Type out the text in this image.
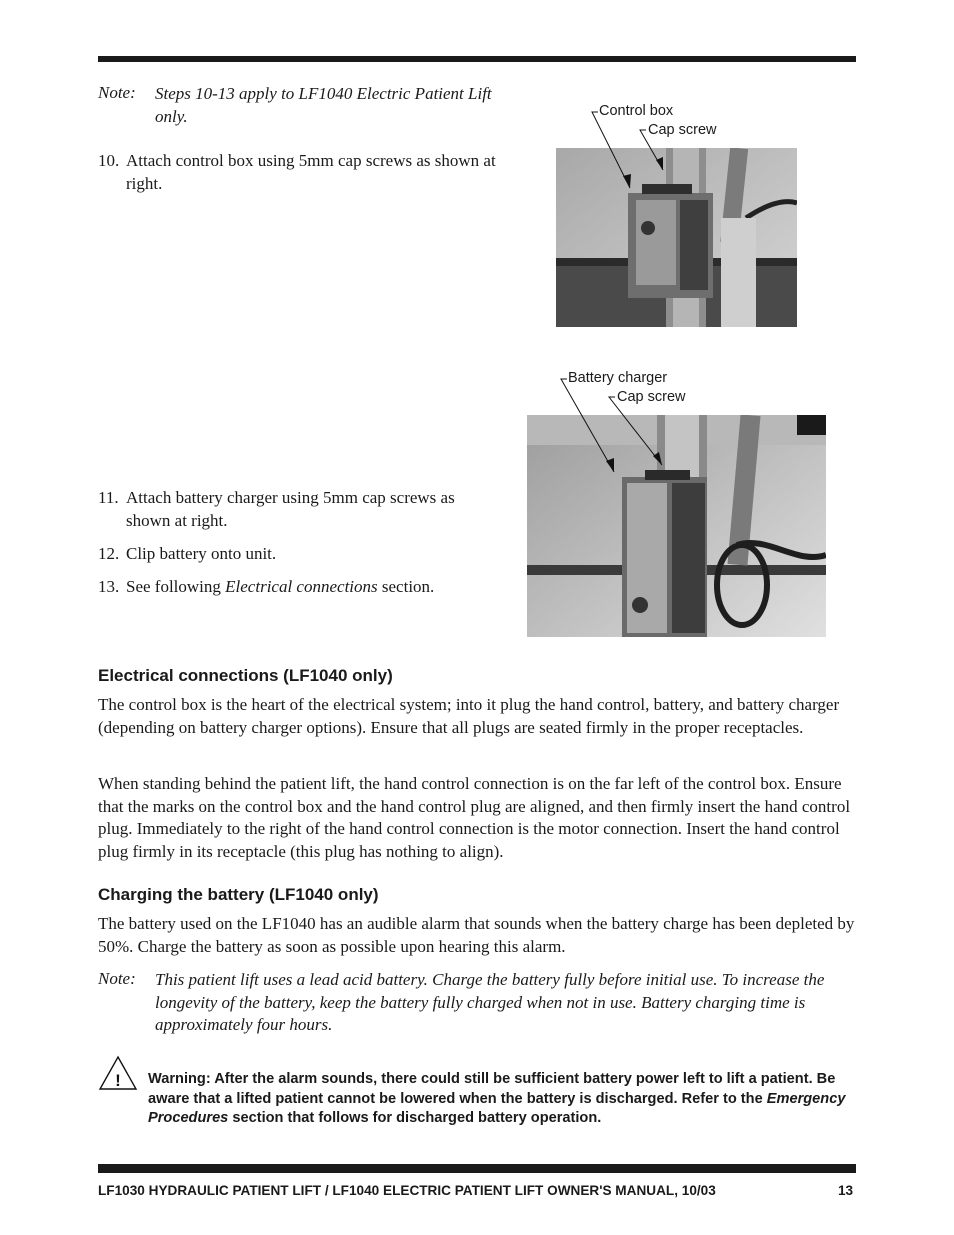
Note: Steps 10-13 apply to LF1040 Electric Patient Lift only.
10. Attach control box using 5mm cap screws as shown at right.
Control box
Cap screw
Battery charger
Cap screw
11. Attach battery charger using 5mm cap screws as shown at right.
12. Clip battery onto unit.
13. See following Electrical connections section.
Electrical connections (LF1040 only)
The control box is the heart of the electrical system; into it plug the hand control, battery, and battery charger (depending on battery charger options). Ensure that all plugs are seated firmly in the proper receptacles.
When standing behind the patient lift, the hand control connection is on the far left of the control box. Ensure that the marks on the control box and the hand control plug are aligned, and then firmly insert the hand control plug. Immediately to the right of the hand control connection is the motor connection. Insert the hand control plug firmly in its receptacle (this plug has nothing to align).
Charging the battery (LF1040 only)
The battery used on the LF1040 has an audible alarm that sounds when the battery charge has been depleted by 50%. Charge the battery as soon as possible upon hearing this alarm.
Note: This patient lift uses a lead acid battery. Charge the battery fully before initial use. To increase the longevity of the battery, keep the battery fully charged when not in use. Battery charging time is approximately four hours.
! Warning: After the alarm sounds, there could still be sufficient battery power left to lift a patient. Be aware that a lifted patient cannot be lowered when the battery is discharged. Refer to the Emergency Procedures section that follows for discharged battery operation.
LF1030 HYDRAULIC PATIENT LIFT / LF1040 ELECTRIC PATIENT LIFT OWNER'S MANUAL, 10/03	13
